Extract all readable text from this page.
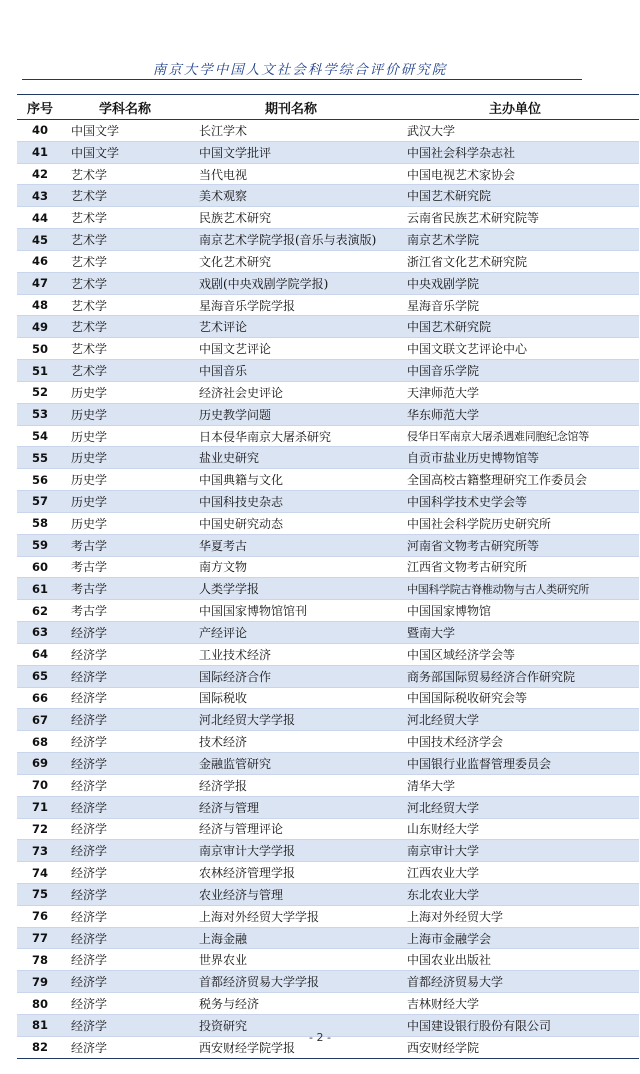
南京大学中国人文社会科学综合评价研究院
序号	学科名称	期刊名称	主办单位
40	中国文学	长江学术	武汉大学
41	中国文学	中国文学批评	中国社会科学杂志社
42	艺术学	当代电视	中国电视艺术家协会
43	艺术学	美术观察	中国艺术研究院
44	艺术学	民族艺术研究	云南省民族艺术研究院等
45	艺术学	南京艺术学院学报(音乐与表演版)	南京艺术学院
46	艺术学	文化艺术研究	浙江省文化艺术研究院
47	艺术学	戏剧(中央戏剧学院学报)	中央戏剧学院
48	艺术学	星海音乐学院学报	星海音乐学院
49	艺术学	艺术评论	中国艺术研究院
50	艺术学	中国文艺评论	中国文联文艺评论中心
51	艺术学	中国音乐	中国音乐学院
52	历史学	经济社会史评论	天津师范大学
53	历史学	历史教学问题	华东师范大学
54	历史学	日本侵华南京大屠杀研究	侵华日军南京大屠杀遇难同胞纪念馆等
55	历史学	盐业史研究	自贡市盐业历史博物馆等
56	历史学	中国典籍与文化	全国高校古籍整理研究工作委员会
57	历史学	中国科技史杂志	中国科学技术史学会等
58	历史学	中国史研究动态	中国社会科学院历史研究所
59	考古学	华夏考古	河南省文物考古研究所等
60	考古学	南方文物	江西省文物考古研究所
61	考古学	人类学学报	中国科学院古脊椎动物与古人类研究所
62	考古学	中国国家博物馆馆刊	中国国家博物馆
63	经济学	产经评论	暨南大学
64	经济学	工业技术经济	中国区域经济学会等
65	经济学	国际经济合作	商务部国际贸易经济合作研究院
66	经济学	国际税收	中国国际税收研究会等
67	经济学	河北经贸大学学报	河北经贸大学
68	经济学	技术经济	中国技术经济学会
69	经济学	金融监管研究	中国银行业监督管理委员会
70	经济学	经济学报	清华大学
71	经济学	经济与管理	河北经贸大学
72	经济学	经济与管理评论	山东财经大学
73	经济学	南京审计大学学报	南京审计大学
74	经济学	农林经济管理学报	江西农业大学
75	经济学	农业经济与管理	东北农业大学
76	经济学	上海对外经贸大学学报	上海对外经贸大学
77	经济学	上海金融	上海市金融学会
78	经济学	世界农业	中国农业出版社
79	经济学	首都经济贸易大学学报	首都经济贸易大学
80	经济学	税务与经济	吉林财经大学
81	经济学	投资研究	中国建设银行股份有限公司
82	经济学	西安财经学院学报	西安财经学院
- 2 -
